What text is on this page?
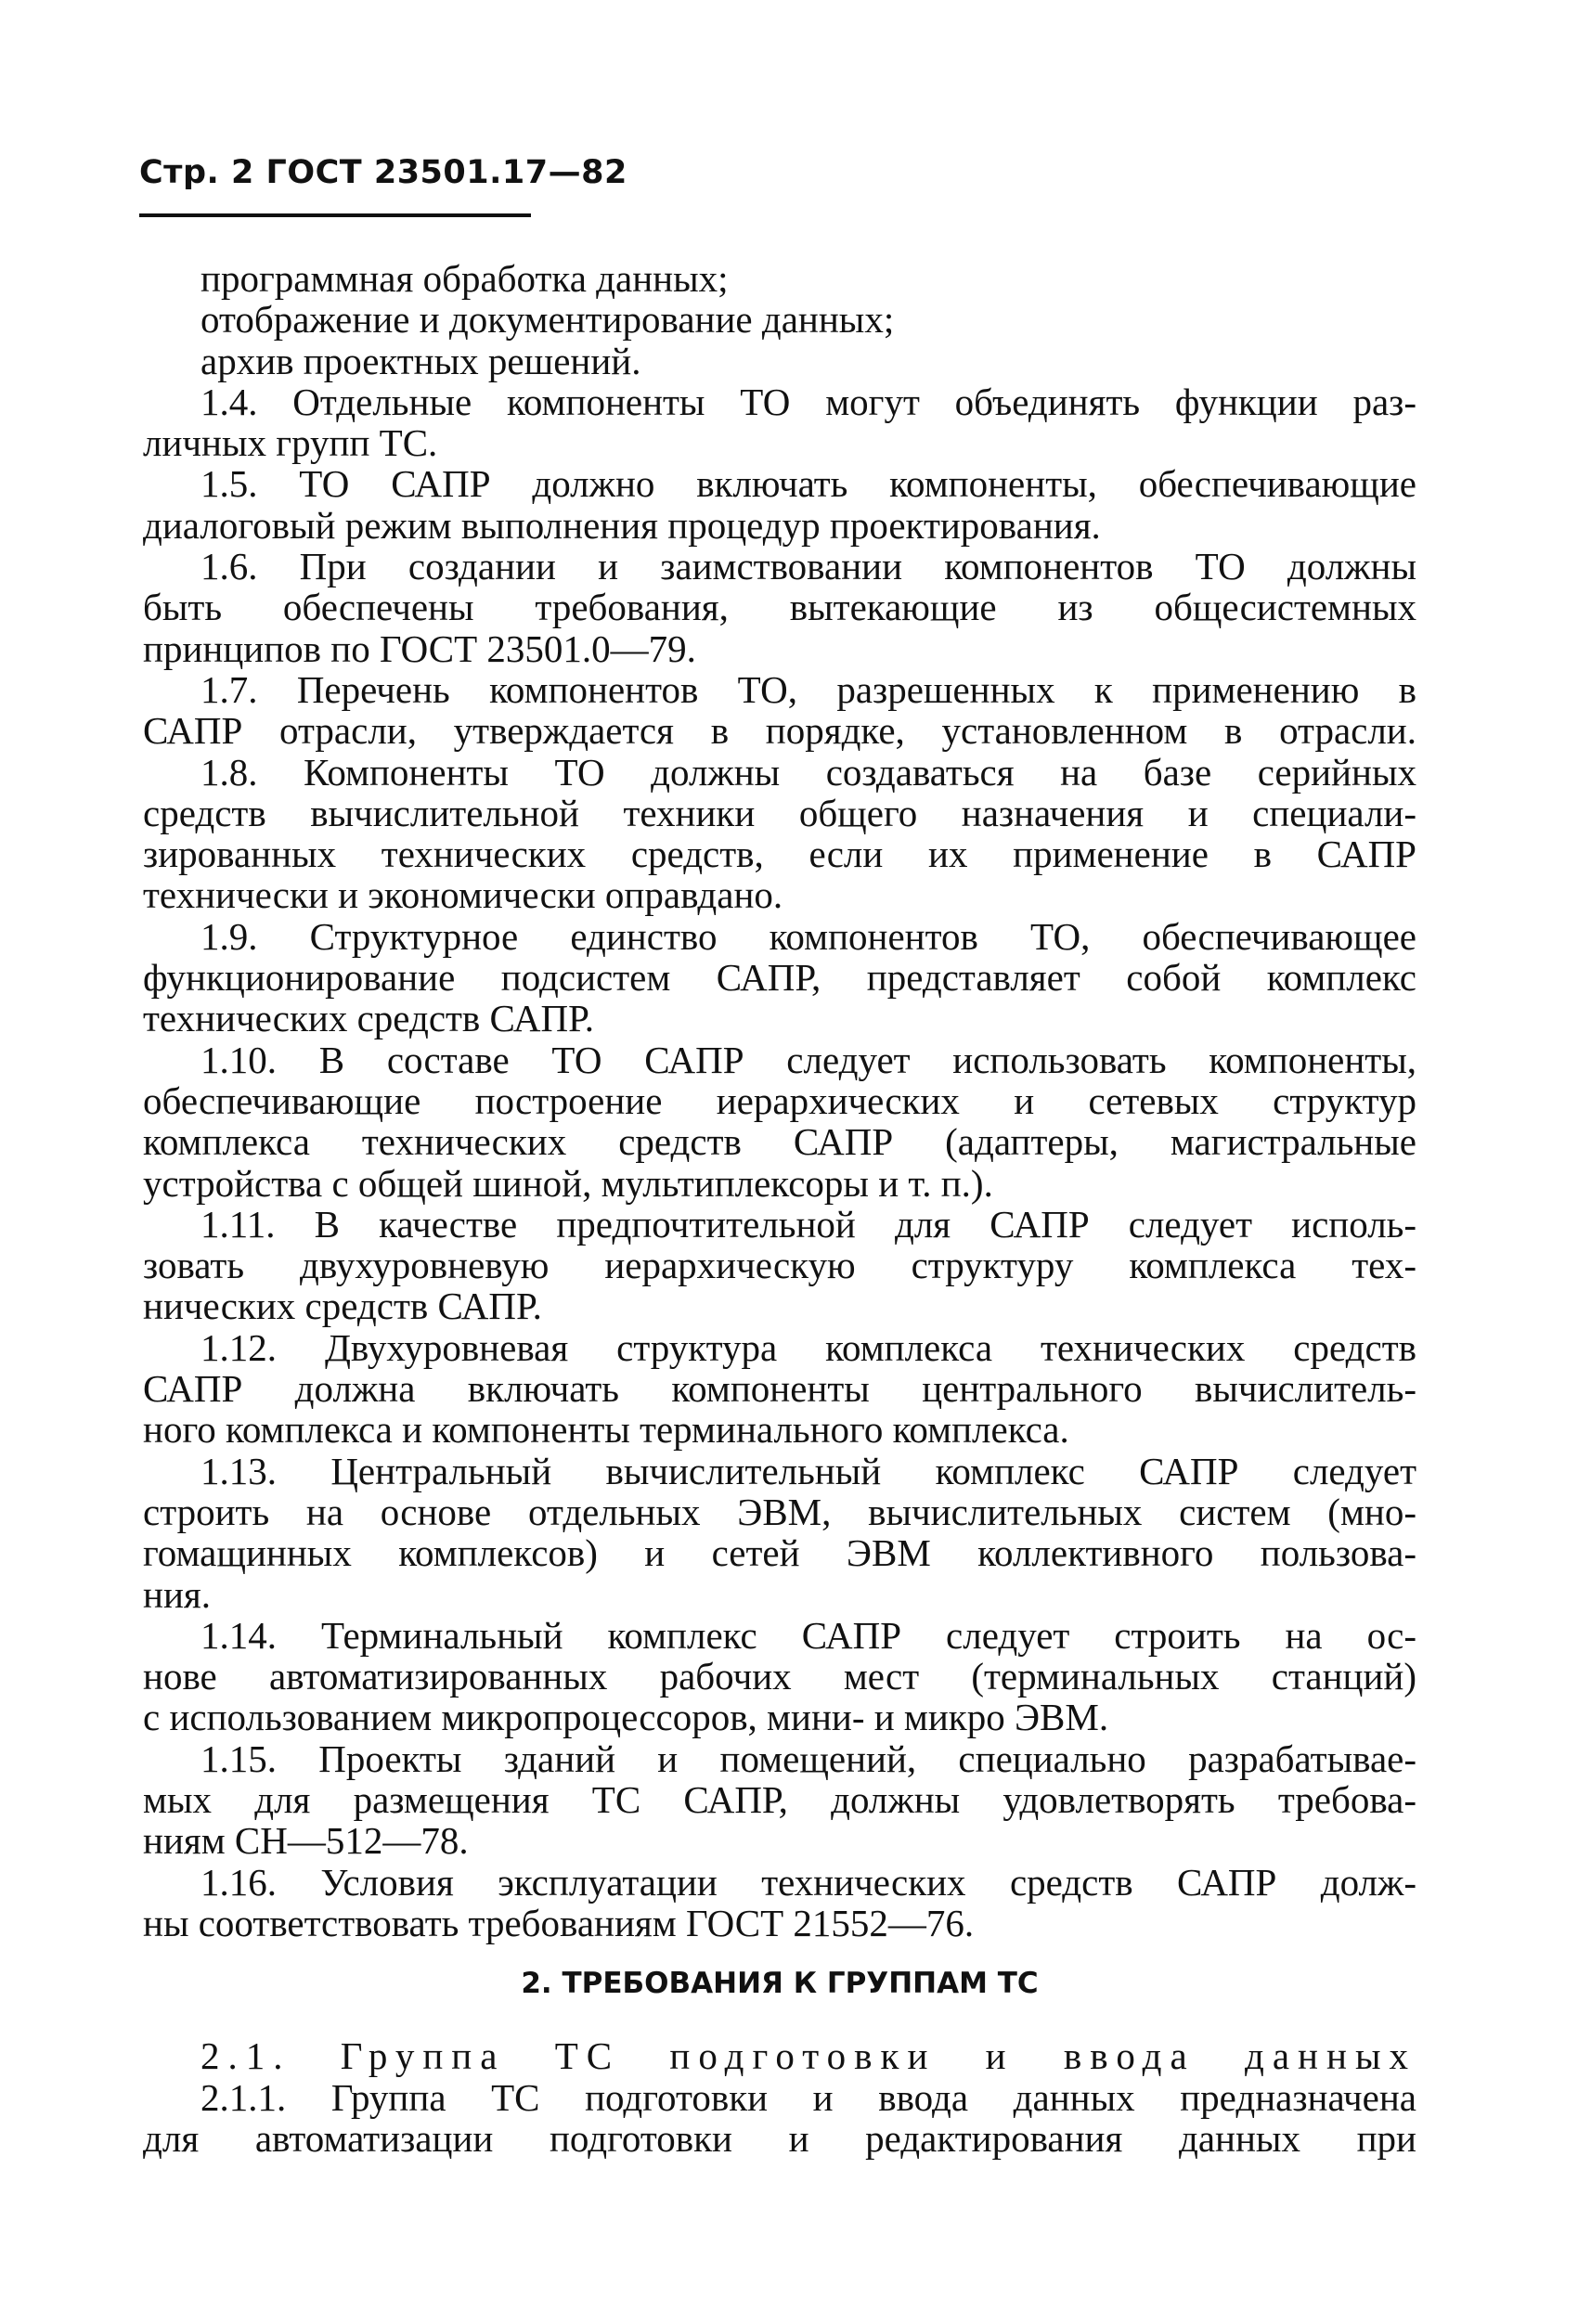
Стр. 2 ГОСТ 23501.17—82
программная обработка данных;
отображение и документирование данных;
архив проектных решений.
1.4. Отдельные компоненты ТО могут объединять функции раз-
личных групп ТС.
1.5. ТО САПР должно включать компоненты, обеспечивающие
диалоговый режим выполнения процедур проектирования.
1.6. При создании и заимствовании компонентов ТО должны
быть обеспечены требования, вытекающие из общесистемных
принципов по ГОСТ 23501.0—79.
1.7. Перечень компонентов ТО, разрешенных к применению в
САПР отрасли, утверждается в порядке, установленном в отрасли.
1.8. Компоненты ТО должны создаваться на базе серийных
средств вычислительной техники общего назначения и специали-
зированных технических средств, если их применение в САПР
технически и экономически оправдано.
1.9. Структурное единство компонентов ТО, обеспечивающее
функционирование подсистем САПР, представляет собой комплекс
технических средств САПР.
1.10. В составе ТО САПР следует использовать компоненты,
обеспечивающие построение иерархических и сетевых структур
комплекса технических средств САПР (адаптеры, магистральные
устройства с общей шиной, мультиплексоры и т. п.).
1.11. В качестве предпочтительной для САПР следует исполь-
зовать двухуровневую иерархическую структуру комплекса тех-
нических средств САПР.
1.12. Двухуровневая структура комплекса технических средств
САПР должна включать компоненты центрального вычислитель-
ного комплекса и компоненты терминального комплекса.
1.13. Центральный вычислительный комплекс САПР следует
строить на основе отдельных ЭВМ, вычислительных систем (мно-
гомащинных комплексов) и сетей ЭВМ коллективного пользова-
ния.
1.14. Терминальный комплекс САПР следует строить на ос-
нове автоматизированных рабочих мест (терминальных станций)
с использованием микропроцессоров, мини- и микро ЭВМ.
1.15. Проекты зданий и помещений, специально разрабатывае-
мых для размещения ТС САПР, должны удовлетворять требова-
ниям СН—512—78.
1.16. Условия эксплуатации технических средств САПР долж-
ны соответствовать требованиям ГОСТ 21552—76.
2. ТРЕБОВАНИЯ К ГРУППАМ ТС
2.1. Группа ТС подготовки и ввода данных
2.1.1. Группа ТС подготовки и ввода данных предназначена
для автоматизации подготовки и редактирования данных при
